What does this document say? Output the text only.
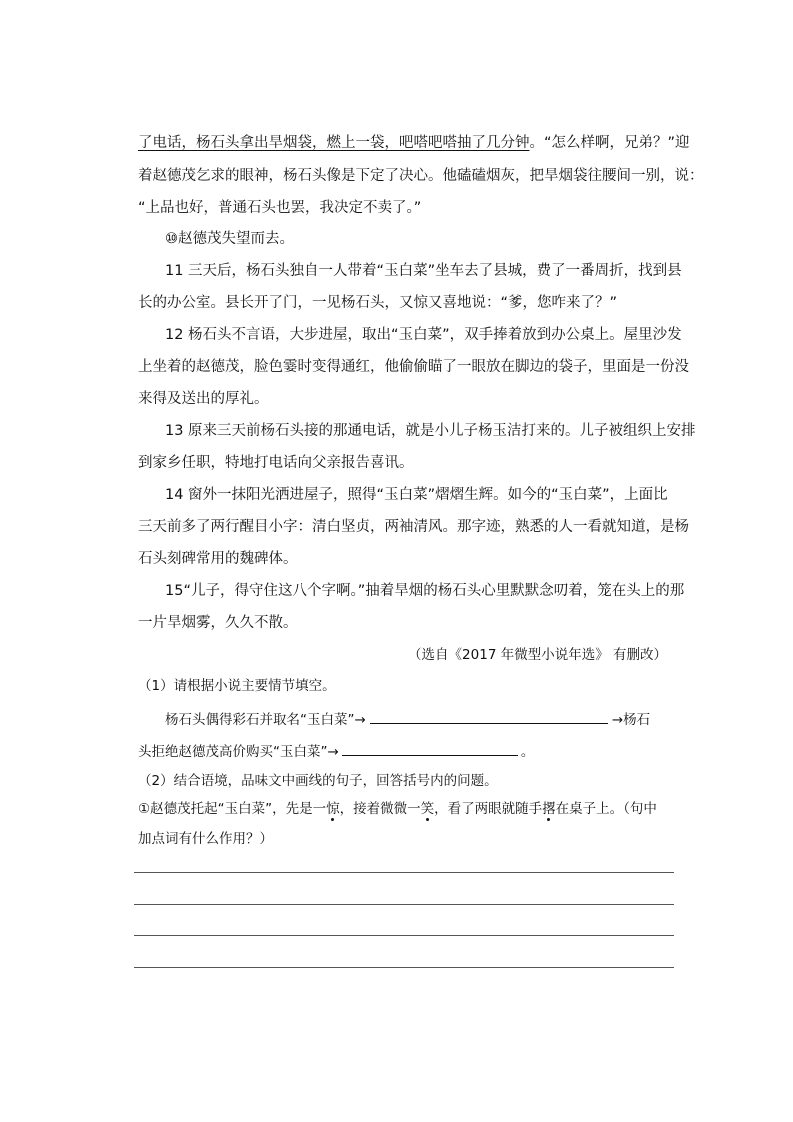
了电话，杨石头拿出旱烟袋，燃上一袋，吧嗒吧嗒抽了几分钟。“怎么样啊，兄弟？”迎
着赵德茂乞求的眼神，杨石头像是下定了决心。他磕磕烟灰，把旱烟袋往腰间一别，说：
“上品也好，普通石头也罢，我决定不卖了。”
⑩赵德茂失望而去。
11 三天后，杨石头独自一人带着“玉白菜”坐车去了县城，费了一番周折，找到县
长的办公室。县长开了门，一见杨石头，又惊又喜地说：“爹，您咋来了？”
12 杨石头不言语，大步进屋，取出“玉白菜”，双手捧着放到办公桌上。屋里沙发
上坐着的赵德茂，脸色霎时变得通红，他偷偷瞄了一眼放在脚边的袋子，里面是一份没
来得及送出的厚礼。
13 原来三天前杨石头接的那通电话，就是小儿子杨玉洁打来的。儿子被组织上安排
到家乡任职，特地打电话向父亲报告喜讯。
14 窗外一抹阳光洒进屋子，照得“玉白菜”熠熠生辉。如今的“玉白菜”，上面比
三天前多了两行醒目小字：清白坚贞，两袖清风。那字迹，熟悉的人一看就知道，是杨
石头刻碑常用的魏碑体。
15“儿子，得守住这八个字啊。”抽着旱烟的杨石头心里默默念叨着，笼在头上的那
一片旱烟雾，久久不散。
（选自《2017 年微型小说年选》 有删改）
（1）请根据小说主要情节填空。
杨石头偶得彩石并取名“玉白菜”→	→杨石
头拒绝赵德茂高价购买“玉白菜”→	。
（2）结合语境，品味文中画线的句子，回答括号内的问题。
①赵德茂托起“玉白菜”，先是一惊，接着微微一笑，看了两眼就随手撂在桌子上。（句中
加点词有什么作用？）
